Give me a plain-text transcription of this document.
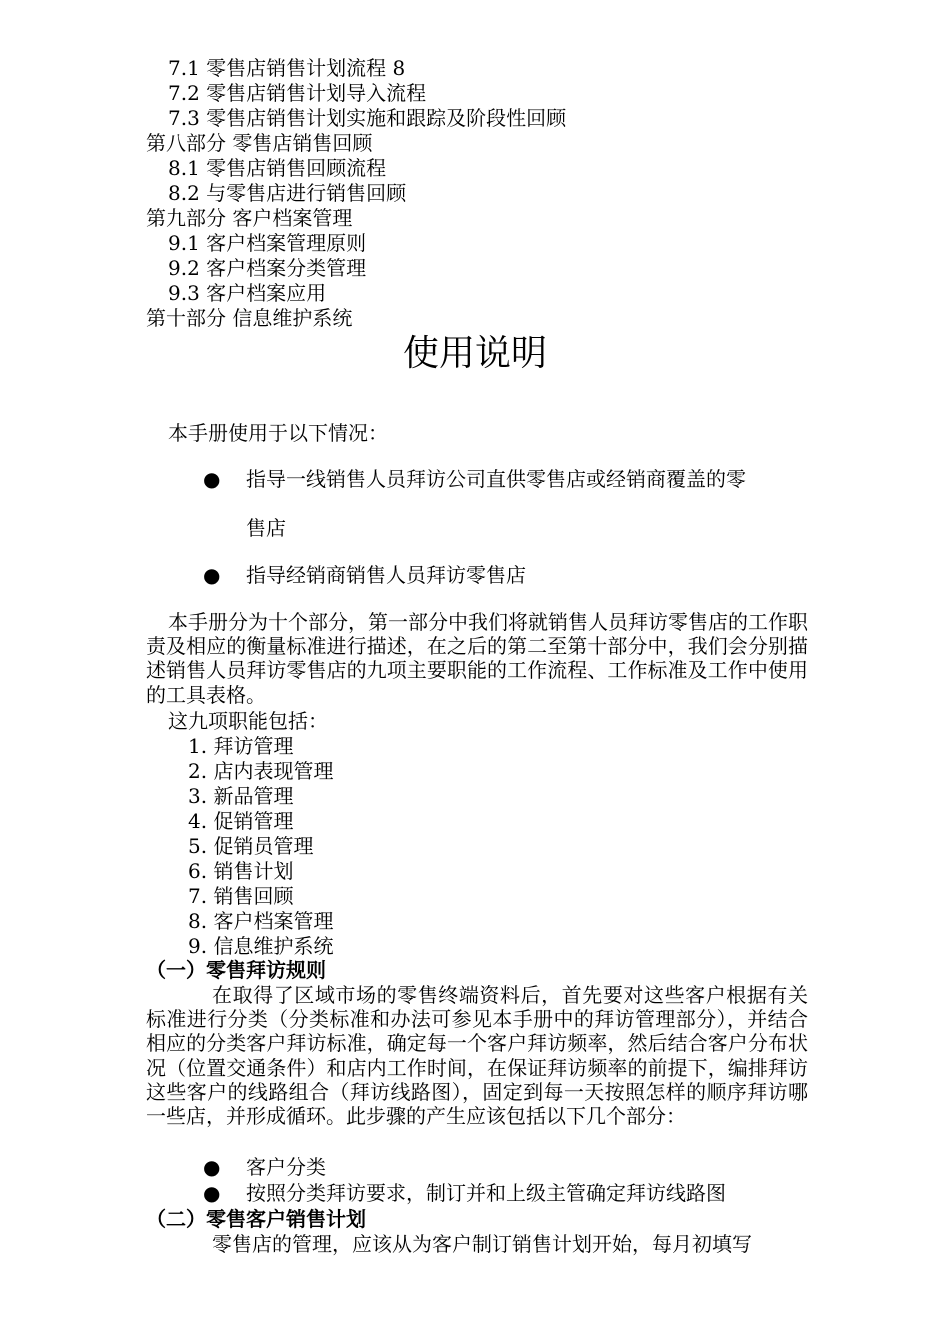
7.1 零售店销售计划流程 8
7.2 零售店销售计划导入流程
7.3 零售店销售计划实施和跟踪及阶段性回顾
第八部分 零售店销售回顾
8.1 零售店销售回顾流程
8.2 与零售店进行销售回顾
第九部分 客户档案管理
9.1 客户档案管理原则
9.2 客户档案分类管理
9.3 客户档案应用
第十部分 信息维护系统
使用说明
本手册使用于以下情况：
● 指导一线销售人员拜访公司直供零售店或经销商覆盖的零
售店
● 指导经销商销售人员拜访零售店
本手册分为十个部分，第一部分中我们将就销售人员拜访零售店的工作职责及相应的衡量标准进行描述，在之后的第二至第十部分中，我们会分别描述销售人员拜访零售店的九项主要职能的工作流程、工作标准及工作中使用的工具表格。
这九项职能包括：
1. 拜访管理
2. 店内表现管理
3. 新品管理
4. 促销管理
5. 促销员管理
6. 销售计划
7. 销售回顾
8. 客户档案管理
9. 信息维护系统
（一）零售拜访规则
在取得了区域市场的零售终端资料后，首先要对这些客户根据有关标准进行分类（分类标准和办法可参见本手册中的拜访管理部分），并结合相应的分类客户拜访标准，确定每一个客户拜访频率，然后结合客户分布状况（位置交通条件）和店内工作时间，在保证拜访频率的前提下，编排拜访这些客户的线路组合（拜访线路图），固定到每一天按照怎样的顺序拜访哪一些店，并形成循环。此步骤的产生应该包括以下几个部分：
● 客户分类
● 按照分类拜访要求，制订并和上级主管确定拜访线路图
（二）零售客户销售计划
零售店的管理，应该从为客户制订销售计划开始，每月初填写
